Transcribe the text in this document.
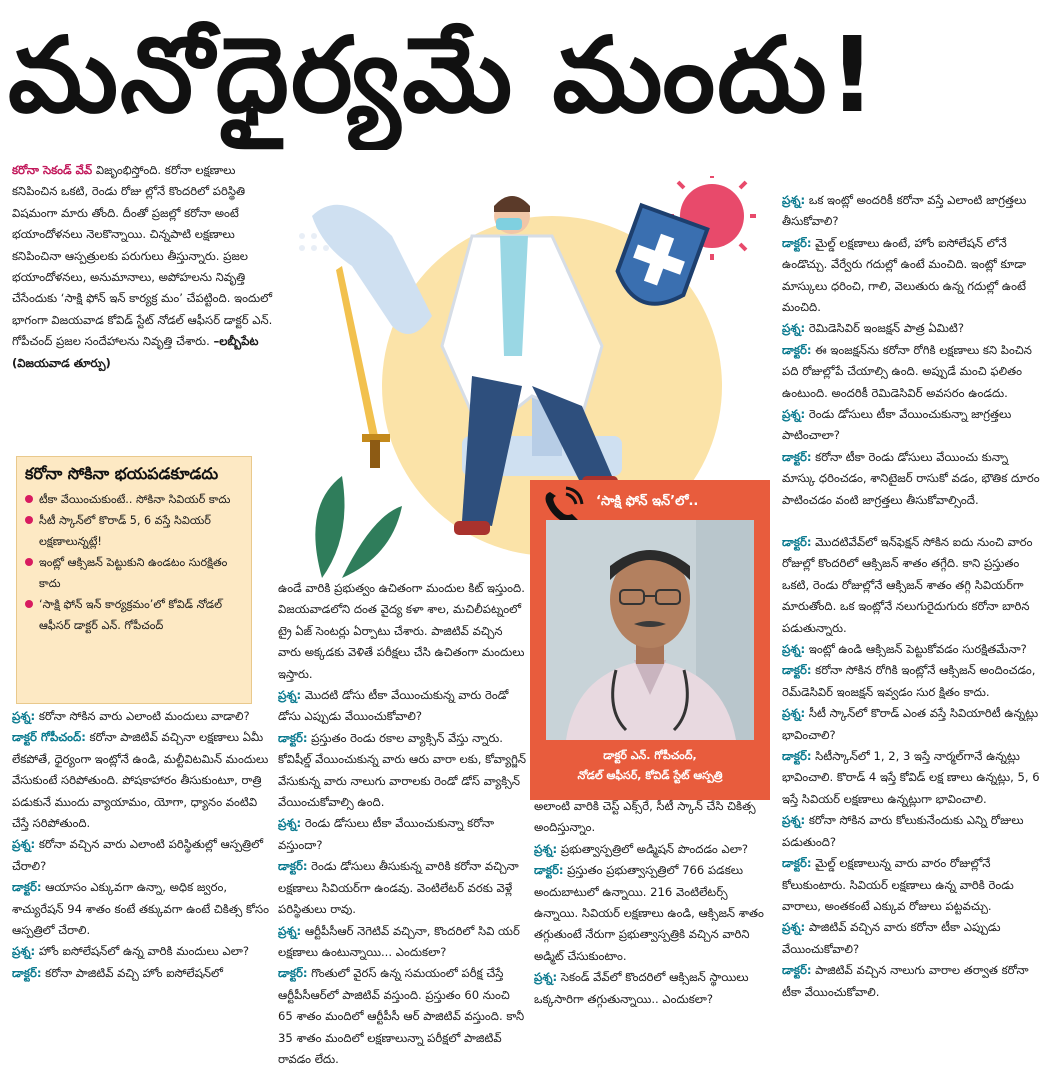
మనోధైర్యమే మందు!

కరోనా సెకండ్ వేవ్ విజృంభిస్తోంది. కరోనా లక్షణాలు కనిపించిన ఒకటి, రెండు రోజు ల్లోనే కొందరిలో పరిస్థితి విషమంగా మారు తోంది. దీంతో ప్రజల్లో కరోనా అంటే భయాందోళనలు నెలకొన్నాయి. చిన్నపాటి లక్షణాలు కనిపించినా ఆస్పత్రులకు పరుగులు తీస్తున్నారు. ప్రజల భయాందోళనలు, అనుమానాలు, అపోహలను నివృత్తి చేసేందుకు ‘సాక్షి ఫోన్ ఇన్ కార్యక్ర మం’ చేపట్టింది. ఇందులో భాగంగా విజయవాడ కోవిడ్ స్టేట్ నోడల్ ఆఫీసర్ డాక్టర్ ఎన్. గోపీచంద్ ప్రజల సందేహాలను నివృత్తి చేశారు. –లబ్బీపేట (విజయవాడ తూర్పు)

కరోనా సోకినా భయపడకూడదు
టీకా వేయించుకుంటే.. సోకినా సివియర్ కాదు
సీటీ స్కాన్‌లో కొరాడ్ 5, 6 వస్తే సివియర్ లక్షణాలున్నట్లే!
ఇంట్లో ఆక్సిజన్ పెట్టుకుని ఉండటం సురక్షితం కాదు
‘సాక్షి ఫోన్ ఇన్ కార్యక్రమం’లో కోవిడ్ నోడల్ ఆఫీసర్ డాక్టర్ ఎన్. గోపీచంద్

ప్రశ్న: కరోనా సోకిన వారు ఎలాంటి మందులు వాడాలి?

డాక్టర్ గోపీచంద్: కరోనా పాజిటివ్ వచ్చినా లక్షణాలు ఏమీ లేకపోతే, ధైర్యంగా ఇంట్లోనే ఉండి, మల్టీవిటమిన్ మందులు వేసుకుంటే సరిపోతుంది. పోషకాహారం తీసుకుంటూ, రాత్రి పడుకునే ముందు వ్యాయామం, యోగా, ధ్యానం వంటివి చేస్తే సరిపోతుంది.

ప్రశ్న: కరోనా వచ్చిన వారు ఎలాంటి పరిస్థితుల్లో ఆస్పత్రిలో చేరాలి?

డాక్టర్: ఆయాసం ఎక్కువగా ఉన్నా, అధిక జ్వరం, శాచ్యురేషన్ 94 శాతం కంటే తక్కువగా ఉంటే చికిత్స కోసం ఆస్పత్రిలో చేరాలి.

ప్రశ్న: హోం ఐసోలేషన్‌లో ఉన్న వారికి మందులు ఎలా?

డాక్టర్: కరోనా పాజిటివ్ వచ్చి హోం ఐసోలేషన్‌లో

ఉండే వారికి ప్రభుత్వం ఉచితంగా మందుల కిట్ ఇస్తుంది. విజయవాడలోని దంత వైద్య కళా శాల, మచిలీపట్నంలో ట్రై ఏజ్ సెంటర్లు ఏర్పాటు చేశారు. పాజిటివ్ వచ్చిన వారు అక్కడకు వెళితే పరీక్షలు చేసి ఉచితంగా మందులు ఇస్తారు.

ప్రశ్న: మొదటి డోసు టీకా వేయించుకున్న వారు రెండో డోసు ఎప్పుడు వేయించుకోవాలి?

డాక్టర్: ప్రస్తుతం రెండు రకాల వ్యాక్సిన్ వేస్తు న్నారు. కోవిషీల్డ్ వేయించుకున్న వారు ఆరు వారా లకు, కోవ్యాగ్జిన్ వేసుకున్న వారు నాలుగు వారాలకు రెండో డోస్ వ్యాక్సిన్ వేయించుకోవాల్సి ఉంది.

ప్రశ్న: రెండు డోసులు టీకా వేయించుకున్నా కరోనా వస్తుందా?

డాక్టర్: రెండు డోసులు తీసుకున్న వారికి కరోనా వచ్చినా లక్షణాలు సివియర్‌గా ఉండవు. వెంటిలేటర్ వరకు వెళ్లే పరిస్థితులు రావు.

ప్రశ్న: ఆర్టీపీసీఆర్ నెగెటివ్ వచ్చినా, కొందరిలో సివి యర్ లక్షణాలు ఉంటున్నాయి... ఎందుకలా?

డాక్టర్: గొంతులో వైరస్ ఉన్న సమయంలో పరీక్ష చేస్తే ఆర్టీపీసీఆర్‌లో పాజిటివ్ వస్తుంది. ప్రస్తుతం 60 నుంచి 65 శాతం మందిలో ఆర్టీపీసీ ఆర్ పాజిటివ్ వస్తుంది. కానీ 35 శాతం మందిలో లక్షణాలున్నా పరీక్షలో పాజిటివ్ రావడం లేదు.

‘సాక్షి ఫోన్ ఇన్’లో..
డాక్టర్ ఎన్. గోపీచంద్,
నోడల్ ఆఫీసర్, కోవిడ్ స్టేట్ ఆస్పత్రి

అలాంటి వారికి చెస్ట్ ఎక్స్‌రే, సీటీ స్కాన్ చేసి చికిత్స అందిస్తున్నాం.

ప్రశ్న: ప్రభుత్వాస్పత్రిలో అడ్మిషన్ పొందడం ఎలా?

డాక్టర్: ప్రస్తుతం ప్రభుత్వాస్పత్రిలో 766 పడకలు అందుబాటులో ఉన్నాయి. 216 వెంటిలేటర్స్ ఉన్నాయి. సివియర్ లక్షణాలు ఉండి, ఆక్సిజన్ శాతం తగ్గుతుంటే నేరుగా ప్రభుత్వాస్పత్రికి వచ్చిన వారిని అడ్మిట్ చేసుకుంటాం.

ప్రశ్న: సెకండ్ వేవ్‌లో కొందరిలో ఆక్సిజన్ స్థాయిలు ఒక్కసారిగా తగ్గుతున్నాయి.. ఎందుకలా?

ప్రశ్న: ఒక ఇంట్లో అందరికీ కరోనా వస్తే ఎలాంటి జాగ్రత్తలు తీసుకోవాలి?

డాక్టర్: మైల్డ్ లక్షణాలు ఉంటే, హోం ఐసోలేషన్ లోనే ఉండొచ్చు. వేర్వేరు గదుల్లో ఉంటే మంచిది. ఇంట్లో కూడా మాస్కులు ధరించి, గాలి, వెలుతురు ఉన్న గదుల్లో ఉంటే మంచిది.

ప్రశ్న: రెమిడెసివిర్ ఇంజక్షన్ పాత్ర ఏమిటి?

డాక్టర్: ఈ ఇంజక్షన్‌ను కరోనా రోగికి లక్షణాలు కని పించిన పది రోజుల్లోపే చేయాల్సి ఉంది. అప్పుడే మంచి ఫలితం ఉంటుంది. అందరికీ రెమిడెసివిర్ అవసరం ఉండదు.

ప్రశ్న: రెండు డోసులు టీకా వేయించుకున్నా జాగ్రత్తలు పాటించాలా?

డాక్టర్: కరోనా టీకా రెండు డోసులు వేయించు కున్నా మాస్కు ధరించడం, శానిటైజర్ రాసుకో వడం, భౌతిక దూరం పాటించడం వంటి జాగ్రత్తలు తీసుకోవాల్సిందే.

డాక్టర్: మొదటివేవ్‌లో ఇన్‌ఫెక్షన్ సోకిన ఐదు నుంచి వారం రోజుల్లో కొందరిలో ఆక్సిజన్ శాతం తగ్గేది. కాని ప్రస్తుతం ఒకటి, రెండు రోజుల్లోనే ఆక్సిజన్ శాతం తగ్గి సివియర్‌గా మారుతోంది. ఒక ఇంట్లోనే నలుగురైదుగురు కరోనా బారిన పడుతున్నారు.

ప్రశ్న: ఇంట్లో ఉండి ఆక్సిజన్ పెట్టుకోవడం సురక్షితమేనా?

డాక్టర్: కరోనా సోకిన రోగికి ఇంట్లోనే ఆక్సిజన్ అందించడం, రెమ్‌డెసివిర్ ఇంజక్షన్ ఇవ్వడం సుర క్షితం కాదు.

ప్రశ్న: సీటీ స్కాన్‌లో కొరాడ్ ఎంత వస్తే సివియారిటీ ఉన్నట్లు భావించాలి?

డాక్టర్: సిటీస్కాన్‌లో 1, 2, 3 ఇస్తే నార్మల్‌గానే ఉన్నట్లు భావించాలి. కొరాడ్ 4 ఇస్తే కోవిడ్ లక్ష ణాలు ఉన్నట్లు, 5, 6 ఇస్తే సివియర్ లక్షణాలు ఉన్నట్లుగా భావించాలి.

ప్రశ్న: కరోనా సోకిన వారు కోలుకునేందుకు ఎన్ని రోజులు పడుతుంది?

డాక్టర్: మైల్డ్ లక్షణాలున్న వారు వారం రోజుల్లోనే కోలుకుంటారు. సివియర్ లక్షణాలు ఉన్న వారికి రెండు వారాలు, అంతకంటే ఎక్కువ రోజులు పట్టవచ్చు.

ప్రశ్న: పాజిటివ్ వచ్చిన వారు కరోనా టీకా ఎప్పుడు వేయించుకోవాలి?

డాక్టర్: పాజిటివ్ వచ్చిన నాలుగు వారాల తర్వాత కరోనా టీకా వేయించుకోవాలి.
